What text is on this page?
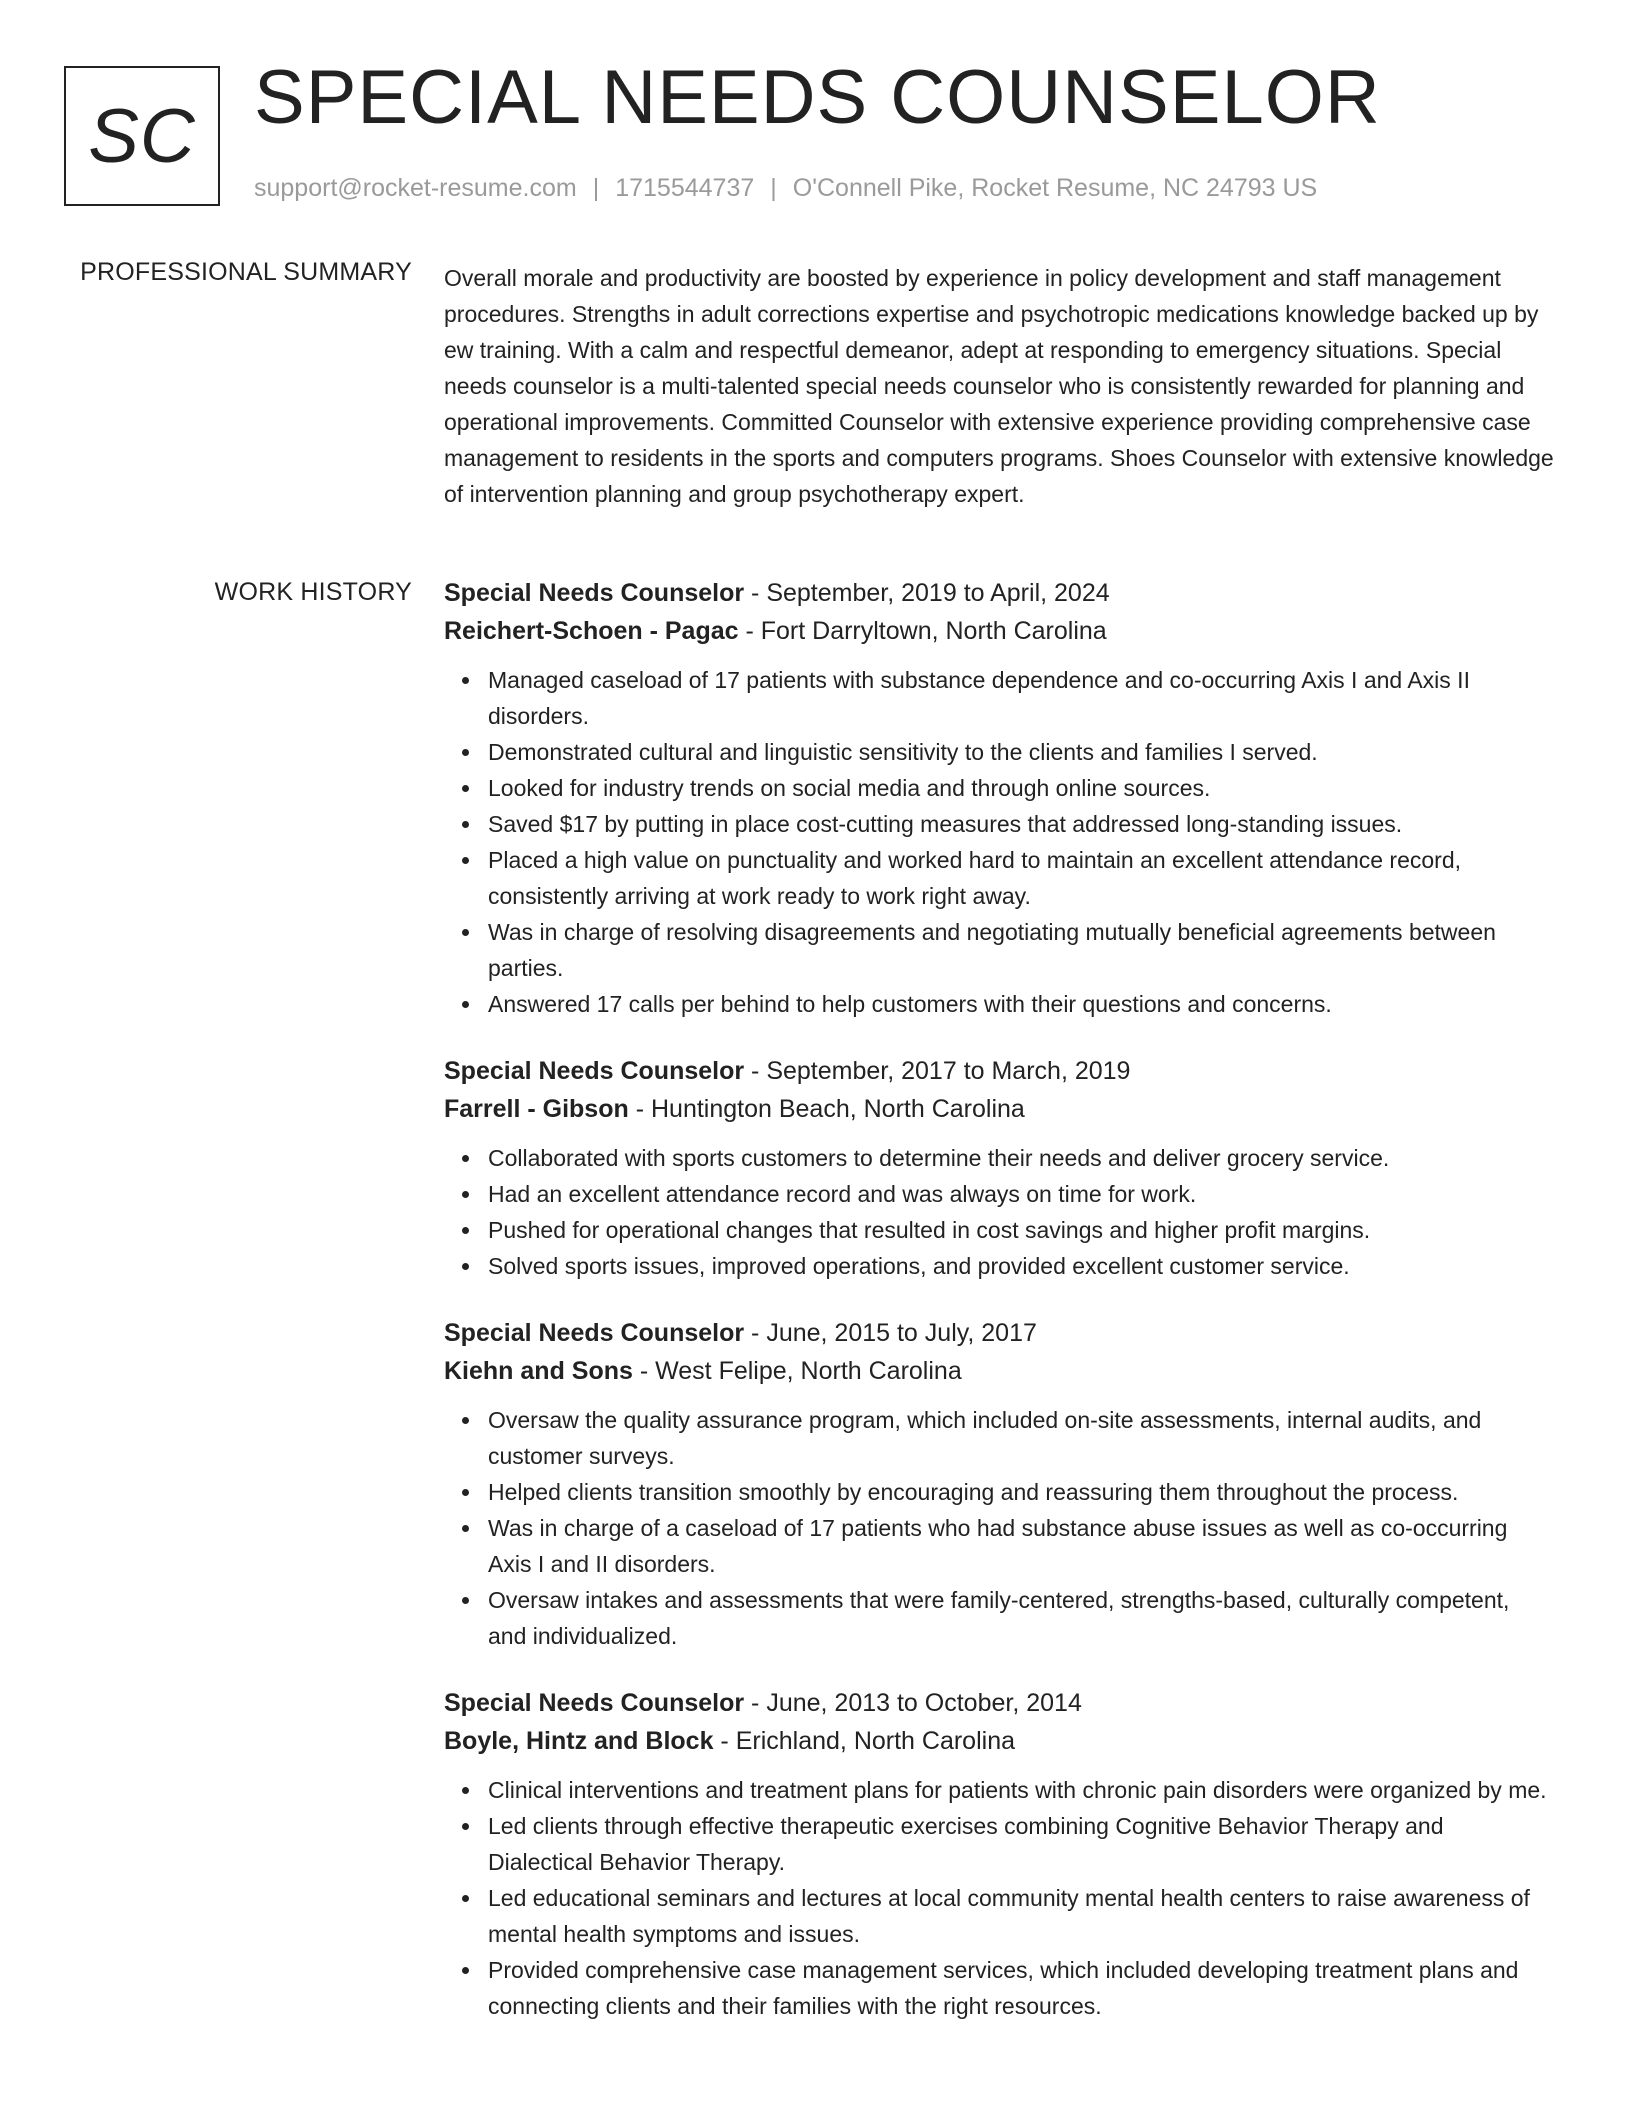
SC SPECIAL NEEDS COUNSELOR
support@rocket-resume.com | 1715544737 | O'Connell Pike, Rocket Resume, NC 24793 US
PROFESSIONAL SUMMARY Overall morale and productivity are boosted by experience in policy development and staff management procedures. Strengths in adult corrections expertise and psychotropic medications knowledge backed up by ew training. With a calm and respectful demeanor, adept at responding to emergency situations. Special needs counselor is a multi-talented special needs counselor who is consistently rewarded for planning and operational improvements. Committed Counselor with extensive experience providing comprehensive case management to residents in the sports and computers programs. Shoes Counselor with extensive knowledge of intervention planning and group psychotherapy expert.

WORK HISTORY Special Needs Counselor - September, 2019 to April, 2024
Reichert-Schoen - Pagac - Fort Darryltown, North Carolina
Managed caseload of 17 patients with substance dependence and co-occurring Axis I and Axis II disorders.
Demonstrated cultural and linguistic sensitivity to the clients and families I served.
Looked for industry trends on social media and through online sources.
Saved $17 by putting in place cost-cutting measures that addressed long-standing issues.
Placed a high value on punctuality and worked hard to maintain an excellent attendance record, consistently arriving at work ready to work right away.
Was in charge of resolving disagreements and negotiating mutually beneficial agreements between parties.
Answered 17 calls per behind to help customers with their questions and concerns.
Special Needs Counselor - September, 2017 to March, 2019
Farrell - Gibson - Huntington Beach, North Carolina
Collaborated with sports customers to determine their needs and deliver grocery service.
Had an excellent attendance record and was always on time for work.
Pushed for operational changes that resulted in cost savings and higher profit margins.
Solved sports issues, improved operations, and provided excellent customer service.
Special Needs Counselor - June, 2015 to July, 2017
Kiehn and Sons - West Felipe, North Carolina
Oversaw the quality assurance program, which included on-site assessments, internal audits, and customer surveys.
Helped clients transition smoothly by encouraging and reassuring them throughout the process.
Was in charge of a caseload of 17 patients who had substance abuse issues as well as co-occurring Axis I and II disorders.
Oversaw intakes and assessments that were family-centered, strengths-based, culturally competent, and individualized.
Special Needs Counselor - June, 2013 to October, 2014
Boyle, Hintz and Block - Erichland, North Carolina
Clinical interventions and treatment plans for patients with chronic pain disorders were organized by me.
Led clients through effective therapeutic exercises combining Cognitive Behavior Therapy and Dialectical Behavior Therapy.
Led educational seminars and lectures at local community mental health centers to raise awareness of mental health symptoms and issues.
Provided comprehensive case management services, which included developing treatment plans and connecting clients and their families with the right resources.
